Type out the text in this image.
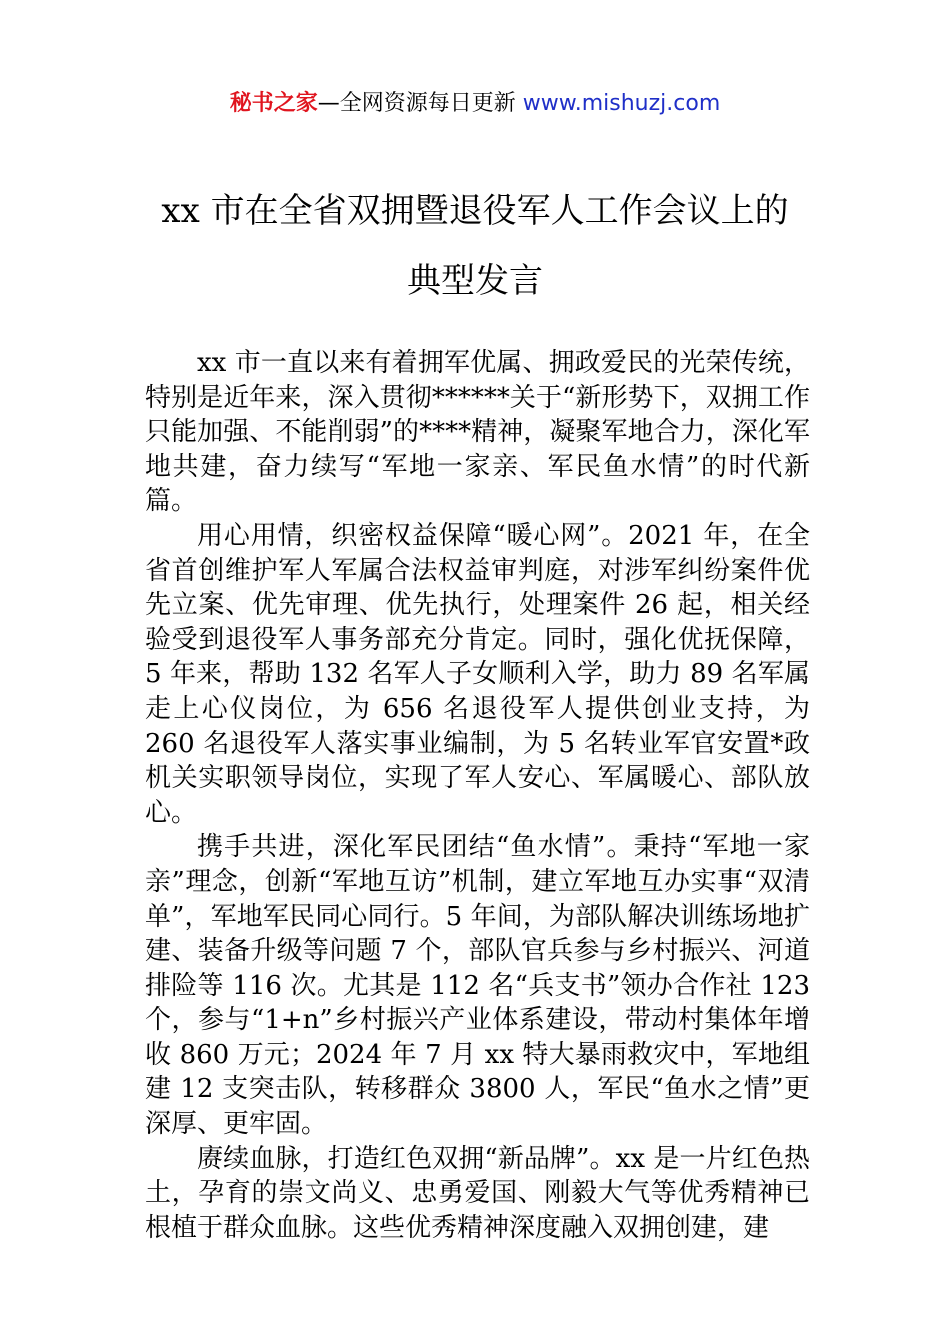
秘书之家—全网资源每日更新 www.mishuzj.com
xx 市在全省双拥暨退役军人工作会议上的
典型发言

xx 市一直以来有着拥军优属、拥政爱民的光荣传统，特别是近年来，深入贯彻******关于“新形势下，双拥工作只能加强、不能削弱”的****精神，凝聚军地合力，深化军地共建，奋力续写“军地一家亲、军民鱼水情”的时代新篇。

用心用情，织密权益保障“暖心网”。2021 年，在全省首创维护军人军属合法权益审判庭，对涉军纠纷案件优先立案、优先审理、优先执行，处理案件 26 起，相关经验受到退役军人事务部充分肯定。同时，强化优抚保障，5 年来，帮助 132 名军人子女顺利入学，助力 89 名军属走上心仪岗位，为 656 名退役军人提供创业支持，为 260 名退役军人落实事业编制，为 5 名转业军官安置*政机关实职领导岗位，实现了军人安心、军属暖心、部队放心。

携手共进，深化军民团结“鱼水情”。秉持“军地一家亲”理念，创新“军地互访”机制，建立军地互办实事“双清单”，军地军民同心同行。5 年间，为部队解决训练场地扩建、装备升级等问题 7 个，部队官兵参与乡村振兴、河道排险等 116 次。尤其是 112 名“兵支书”领办合作社 123 个，参与“1+n”乡村振兴产业体系建设，带动村集体年增收 860 万元；2024 年 7 月 xx 特大暴雨救灾中，军地组建 12 支突击队，转移群众 3800 人，军民“鱼水之情”更深厚、更牢固。

赓续血脉，打造红色双拥“新品牌”。xx 是一片红色热土，孕育的崇文尚义、忠勇爱国、刚毅大气等优秀精神已根植于群众血脉。这些优秀精神深度融入双拥创建，建
